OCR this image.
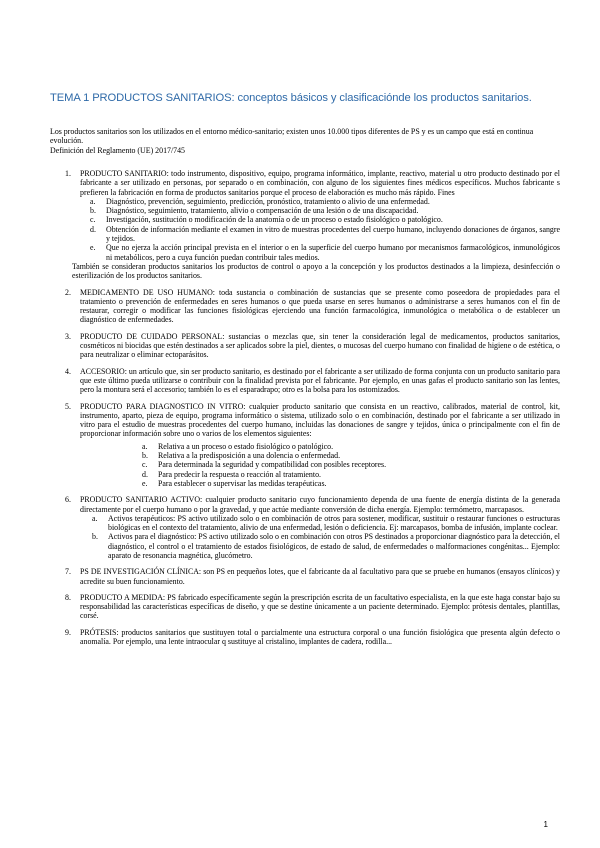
TEMA 1 PRODUCTOS SANITARIOS: conceptos básicos y clasificaciónde los productos sanitarios.

Los productos sanitarios son los utilizados en el entorno médico-sanitario; existen unos 10.000 tipos diferentes de PS y es un campo que está en continua evolución.

Definición del Reglamento (UE) 2017/745

1. PRODUCTO SANITARIO: todo instrumento, dispositivo, equipo, programa informático, implante, reactivo, material u otro producto destinado por el fabricante a ser utilizado en personas, por separado o en combinación, con alguno de los siguientes fines médicos específicos. Muchos fabricante s prefieren la fabricación en forma de productos sanitarios porque el proceso de elaboración es mucho más rápido. Fines
a. Diagnóstico, prevención, seguimiento, predicción, pronóstico, tratamiento o alivio de una enfermedad.
b. Diagnóstico, seguimiento, tratamiento, alivio o compensación de una lesión o de una discapacidad.
c. Investigación, sustitución o modificación de la anatomía o de un proceso o estado fisiológico o patológico.
d. Obtención de información mediante el examen in vitro de muestras procedentes del cuerpo humano, incluyendo donaciones de órganos, sangre y tejidos.
e. Que no ejerza la acción principal prevista en el interior o en la superficie del cuerpo humano por mecanismos farmacológicos, inmunológicos ni metabólicos, pero a cuya función puedan contribuir tales medios.

También se consideran productos sanitarios los productos de control o apoyo a la concepción y los productos destinados a la limpieza, desinfección o esterilización de los productos sanitarios.

2. MEDICAMENTO DE USO HUMANO: toda sustancia o combinación de sustancias que se presente como poseedora de propiedades para el tratamiento o prevención de enfermedades en seres humanos o que pueda usarse en seres humanos o administrarse a seres humanos con el fin de restaurar, corregir o modificar las funciones fisiológicas ejerciendo una función farmacológica, inmunológica o metabólica o de establecer un diagnóstico de enfermedades.
3. PRODUCTO DE CUIDADO PERSONAL: sustancias o mezclas que, sin tener la consideración legal de medicamentos, productos sanitarios, cosméticos ni biocidas que estén destinados a ser aplicados sobre la piel, dientes, o mucosas del cuerpo humano con finalidad de higiene o de estética, o para neutralizar o eliminar ectoparásitos.
4. ACCESORIO: un artículo que, sin ser producto sanitario, es destinado por el fabricante a ser utilizado de forma conjunta con un producto sanitario para que este último pueda utilizarse o contribuir con la finalidad prevista por el fabricante. Por ejemplo, en unas gafas el producto sanitario son las lentes, pero la montura será el accesorio; también lo es el esparadrapo; otro es la bolsa para los ostomizados.
5. PRODUCTO PARA DIAGNOSTICO IN VITRO: cualquier producto sanitario que consista en un reactivo, calibrados, material de control, kit, instrumento, aparto, pieza de equipo, programa informático o sistema, utilizado solo o en combinación, destinado por el fabricante a ser utilizado in vitro para el estudio de muestras procedentes del cuerpo humano, incluidas las donaciones de sangre y tejidos, única o principalmente con el fin de proporcionar información sobre uno o varios de los elementos siguientes:
a. Relativa a un proceso o estado fisiológico o patológico.
b. Relativa a la predisposición a una dolencia o enfermedad.
c. Para determinada la seguridad y compatibilidad con posibles receptores.
d. Para predecir la respuesta o reacción al tratamiento.
e. Para establecer o supervisar las medidas terapéuticas.
6. PRODUCTO SANITARIO ACTIVO: cualquier producto sanitario cuyo funcionamiento dependa de una fuente de energía distinta de la generada directamente por el cuerpo humano o por la gravedad, y que actúe mediante conversión de dicha energía. Ejemplo: termómetro, marcapasos.
a. Activos terapéuticos: PS activo utilizado solo o en combinación de otros para sostener, modificar, sustituir o restaurar funciones o estructuras biológicas en el contexto del tratamiento, alivio de una enfermedad, lesión o deficiencia. Ej: marcapasos, bomba de infusión, implante coclear.
b. Activos para el diagnóstico: PS activo utilizado solo o en combinación con otros PS destinados a proporcionar diagnóstico para la detección, el diagnóstico, el control o el tratamiento de estados fisiológicos, de estado de salud, de enfermedades o malformaciones congénitas... Ejemplo: aparato de resonancia magnética, glucómetro.
7. PS DE INVESTIGACIÓN CLÍNICA: son PS en pequeños lotes, que el fabricante da al facultativo para que se pruebe en humanos (ensayos clínicos) y acredite su buen funcionamiento.
8. PRODUCTO A MEDIDA: PS fabricado específicamente según la prescripción escrita de un facultativo especialista, en la que este haga constar bajo su responsabilidad las características específicas de diseño, y que se destine únicamente a un paciente determinado. Ejemplo: prótesis dentales, plantillas, corsé.
9. PRÓTESIS: productos sanitarios que sustituyen total o parcialmente una estructura corporal o una función fisiológica que presenta algún defecto o anomalía. Por ejemplo, una lente intraocular q sustituye al cristalino, implantes de cadera, rodilla...
1
